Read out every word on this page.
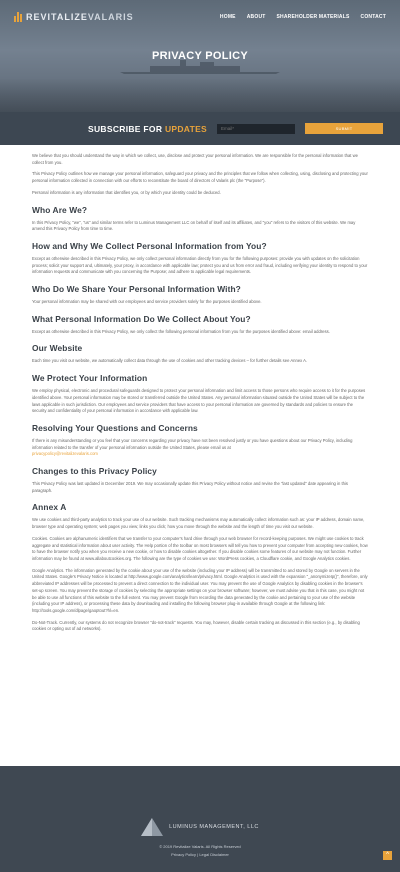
REVITALIZEVALARIS	HOME ABOUT SHAREHOLDER MATERIALS CONTACT
PRIVACY POLICY
SUBSCRIBE FOR UPDATES
Email*	SUBMIT

We believe that you should understand the way in which we collect, use, disclose and protect your personal information. We are responsible for the personal information that we collect from you.

This Privacy Policy outlines how we manage your personal information, safeguard your privacy and the principles that we follow when collecting, using, disclosing and protecting your personal information collected in connection with our efforts to reconstitute the board of directors of Valaris plc (the "Purpose").

Personal information is any information that identifies you, or by which your identity could be deduced.

Who Are We?

In this Privacy Policy, "we", "us" and similar terms refer to Luminus Management LLC on behalf of itself and its affiliates, and "you" refers to the visitors of this website. We may amend this Privacy Policy from time to time.

How and Why We Collect Personal Information from You?

Except as otherwise described in this Privacy Policy, we only collect personal information directly from you for the following purposes: provide you with updates on the solicitation process; solicit your support and, ultimately, your proxy, in accordance with applicable law; protect you and us from error and fraud, including verifying your identity to respond to your information requests and communicate with you concerning the Purpose; and adhere to applicable legal requirements.

Who Do We Share Your Personal Information With?

Your personal information may be shared with our employees and service providers solely for the purposes identified above.

What Personal Information Do We Collect About You?

Except as otherwise described in this Privacy Policy, we only collect the following personal information from you for the purposes identified above: email address.

Our Website

Each time you visit our website, we automatically collect data through the use of cookies and other tracking devices – for further details see Annex A.

We Protect Your Information

We employ physical, electronic and procedural safeguards designed to protect your personal information and limit access to those persons who require access to it for the purposes identified above. Your personal information may be stored or transferred outside the United States. Any personal information situated outside the United States will be subject to the laws applicable in such jurisdiction. Our employees and service providers that have access to your personal information are governed by standards and policies to ensure the security and confidentiality of your personal information in accordance with applicable law.

Resolving Your Questions and Concerns

If there is any misunderstanding or you feel that your concerns regarding your privacy have not been resolved justly or you have questions about our Privacy Policy, including information related to the transfer of your personal information outside the United States, please email us at
privacypolicy@revitalizevalaris.com

Changes to this Privacy Policy

This Privacy Policy was last updated in December 2019. We may occasionally update this Privacy Policy without notice and revise the "last updated" date appearing in this paragraph.

Annex A

We use cookies and third-party analytics to track your use of our website. Such tracking mechanisms may automatically collect information such as: your IP address, domain name, browser type and operating system; web pages you view; links you click; how you move through the website and the length of time you visit our website.

Cookies. Cookies are alphanumeric identifiers that we transfer to your computer's hard drive through your web browser for record-keeping purposes. We might use cookies to track aggregate and statistical information about user activity. The Help portion of the toolbar on most browsers will tell you how to prevent your computer from accepting new cookies, how to have the browser notify you when you receive a new cookie, or how to disable cookies altogether. If you disable cookies some features of our website may not function. Further information may be found at www.allaboutcookies.org. The following are the type of cookies we use: WordPress cookies, a Cloudflare cookie, and Google Analytics cookies.

Google Analytics. The information generated by the cookie about your use of the website (including your IP address) will be transmitted to and stored by Google on servers in the United States. Google's Privacy Notice is located at http://www.google.com/analytics/learn/privacy.html. Google Analytics is used with the expansion "_anonymizeIp()", therefore, only abbreviated IP addresses will be processed to prevent a direct connection to the individual user. You may prevent the use of Google Analytics by disabling cookies in the browser's set-up screen. You may prevent the storage of cookies by selecting the appropriate settings on your browser software; however, we must advise you that in this case, you might not be able to use all functions of this website to the full extent. You may prevent Google from recording the data generated by the cookie and pertaining to your use of the website (including your IP address), or processing these data by downloading and installing the following browser plug-in available through Google at the following link: http://tools.google.com/dlpage/gaoptout?hl=en.

Do-Not-Track. Currently, our systems do not recognize browser "do-not-track" requests. You may, however, disable certain tracking as discussed in this section (e.g., by disabling cookies or opting out of ad networks).

LUMINUS MANAGEMENT, LLC
© 2019 Revitalize Valaris. All Rights Reserved
Privacy Policy | Legal Disclaimer	^
